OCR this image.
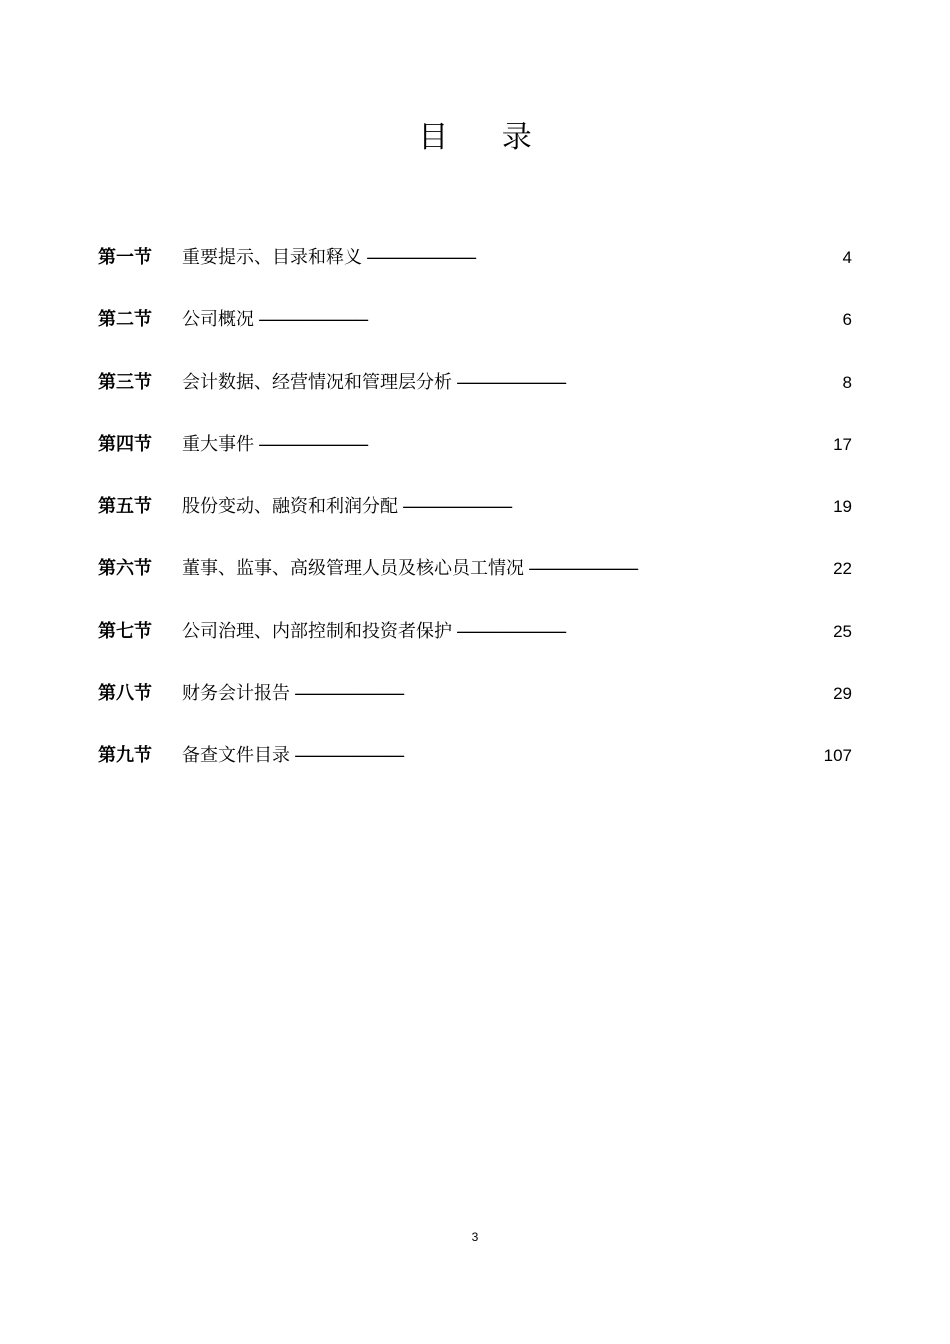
目 录
第一节	重要提示、目录和释义 . . .	4
第二节	公司概况 . . .	6
第三节	会计数据、经营情况和管理层分析 . . .	8
第四节	重大事件 . . .	17
第五节	股份变动、融资和利润分配 . . .	19
第六节	董事、监事、高级管理人员及核心员工情况 . . .	22
第七节	公司治理、内部控制和投资者保护 . . .	25
第八节	财务会计报告 . . .	29
第九节	备查文件目录 . . .	107
3
